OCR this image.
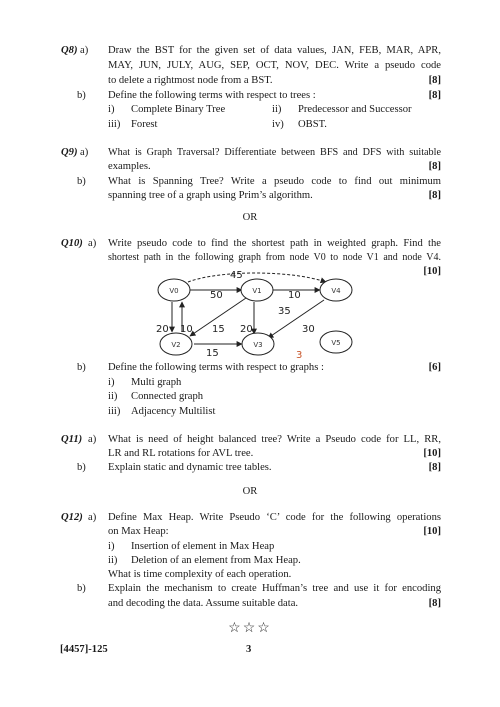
Q8) a) Draw the BST for the given set of data values, JAN, FEB, MAR, APR,
MAY, JUN, JULY, AUG, SEP, OCT, NOV, DEC. Write a pseudo code
to delete a rightmost node from a BST.	[8]
b) Define the following terms with respect to trees :	[8]
i) Complete Binary Tree	ii) Predecessor and Successor
iii) Forest	iv) OBST.
Q9) a) What is Graph Traversal? Differentiate between BFS and DFS with suitable
examples.	[8]
b) What is Spanning Tree? Write a pseudo code to find out minimum
spanning tree of a graph using Prim’s algorithm.	[8]
OR
Q10) a) Write pseudo code to find the shortest path in weighted graph. Find the
shortest path in the following graph from node V0 to node V1 and node V4.
[10]
V0	V1	V4
V2	V3	V5
45
50	10
35
20 10 15 20	30
15	3
b) Define the following terms with respect to graphs :	[6]
i) Multi graph
ii) Connected graph
iii) Adjacency Multilist
Q11) a) What is need of height balanced tree? Write a Pseudo code for LL, RR,
LR and RL rotations for AVL tree.	[10]
b) Explain static and dynamic tree tables.	[8]
OR
Q12) a) Define Max Heap. Write Pseudo ‘C’ code for the following operations
on Max Heap:	[10]
i) Insertion of element in Max Heap
ii) Deletion of an element from Max Heap.
What is time complexity of each operation.
b) Explain the mechanism to create Huffman’s tree and use it for encoding
and decoding the data. Assume suitable data.	[8]
☆☆☆
[4457]-125	3
